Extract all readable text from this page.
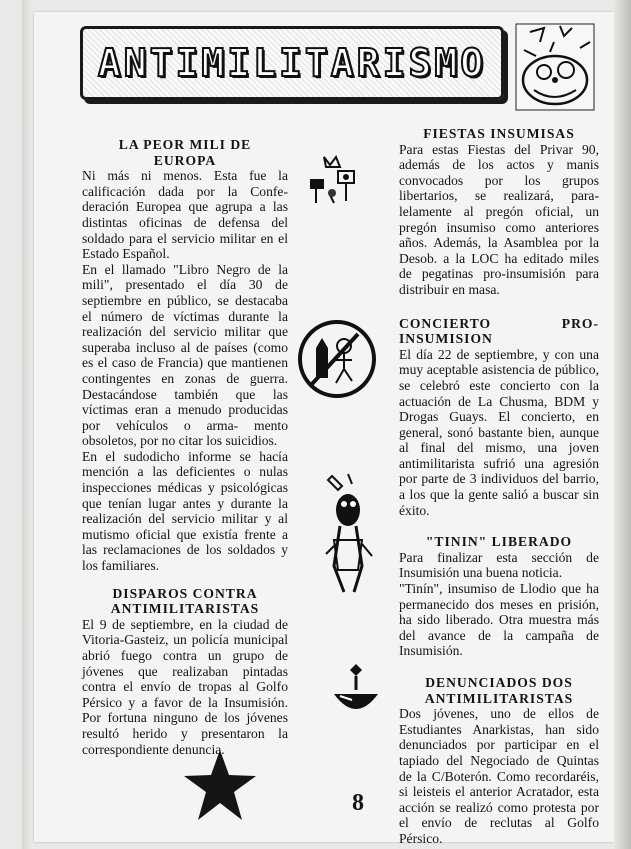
ANTIMILITARISMO
LA PEOR MILI DE
EUROPA

Ni más ni menos. Esta fue la calificación dada por la Confe- deración Europea que agrupa a las distintas oficinas de defensa del soldado para el servicio militar en el Estado Español.

En el llamado "Libro Negro de la mili", presentado el día 30 de septiembre en público, se destacaba el número de víctimas durante la realización del servicio militar que superaba incluso al de países (como es el caso de Francia) que mantienen contingentes en zonas de guerra. Destacándose también que las víctimas eran a menudo producidas por vehículos o arma- mento obsoletos, por no citar los suicidios.

En el sudodicho informe se hacía mención a las deficientes o nulas inspecciones médicas y psicológicas que tenían lugar antes y durante la realización del servicio militar y al mutismo oficial que existía frente a las reclamaciones de los soldados y los familiares.

DISPAROS CONTRA
ANTIMILITARISTAS

El 9 de septiembre, en la ciudad de Vitoria-Gasteiz, un policía municipal abrió fuego contra un grupo de jóvenes que realizaban pintadas contra el envío de tropas al Golfo Pérsico y a favor de la Insumisión. Por fortuna ninguno de los jóvenes resultó herido y presentaron la correspondiente denuncia.

FIESTAS INSUMISAS

Para estas Fiestas del Privar 90, además de los actos y manis convocados por los grupos libertarios, se realizará, para- lelamente al pregón oficial, un pregón insumiso como anteriores años. Además, la Asamblea por la Desob. a la LOC ha editado miles de pegatinas pro-insumisión para distribuir en masa.

CONCIERTO	PRO-
INSUMISION

El día 22 de septiembre, y con una muy aceptable asistencia de público, se celebró este concierto con la actuación de La Chusma, BDM y Drogas Guays. El concierto, en general, sonó bastante bien, aunque al final del mismo, una joven antimilitarista sufrió una agresión por parte de 3 individuos del barrio, a los que la gente salió a buscar sin éxito.

"TININ" LIBERADO

Para finalizar esta sección de Insumisión una buena noticia.

"Tinín", insumiso de Llodio que ha permanecido dos meses en prisión, ha sido liberado. Otra muestra más del avance de la campaña de Insumisión.

DENUNCIADOS DOS
ANTIMILITARISTAS

Dos jóvenes, uno de ellos de Estudiantes Anarkistas, han sido denunciados por participar en el tapiado del Negociado de Quintas de la C/Boterón. Como recordaréis, si leisteis el anterior Acratador, esta acción se realizó como protesta por el envío de reclutas al Golfo Pérsico.

8
